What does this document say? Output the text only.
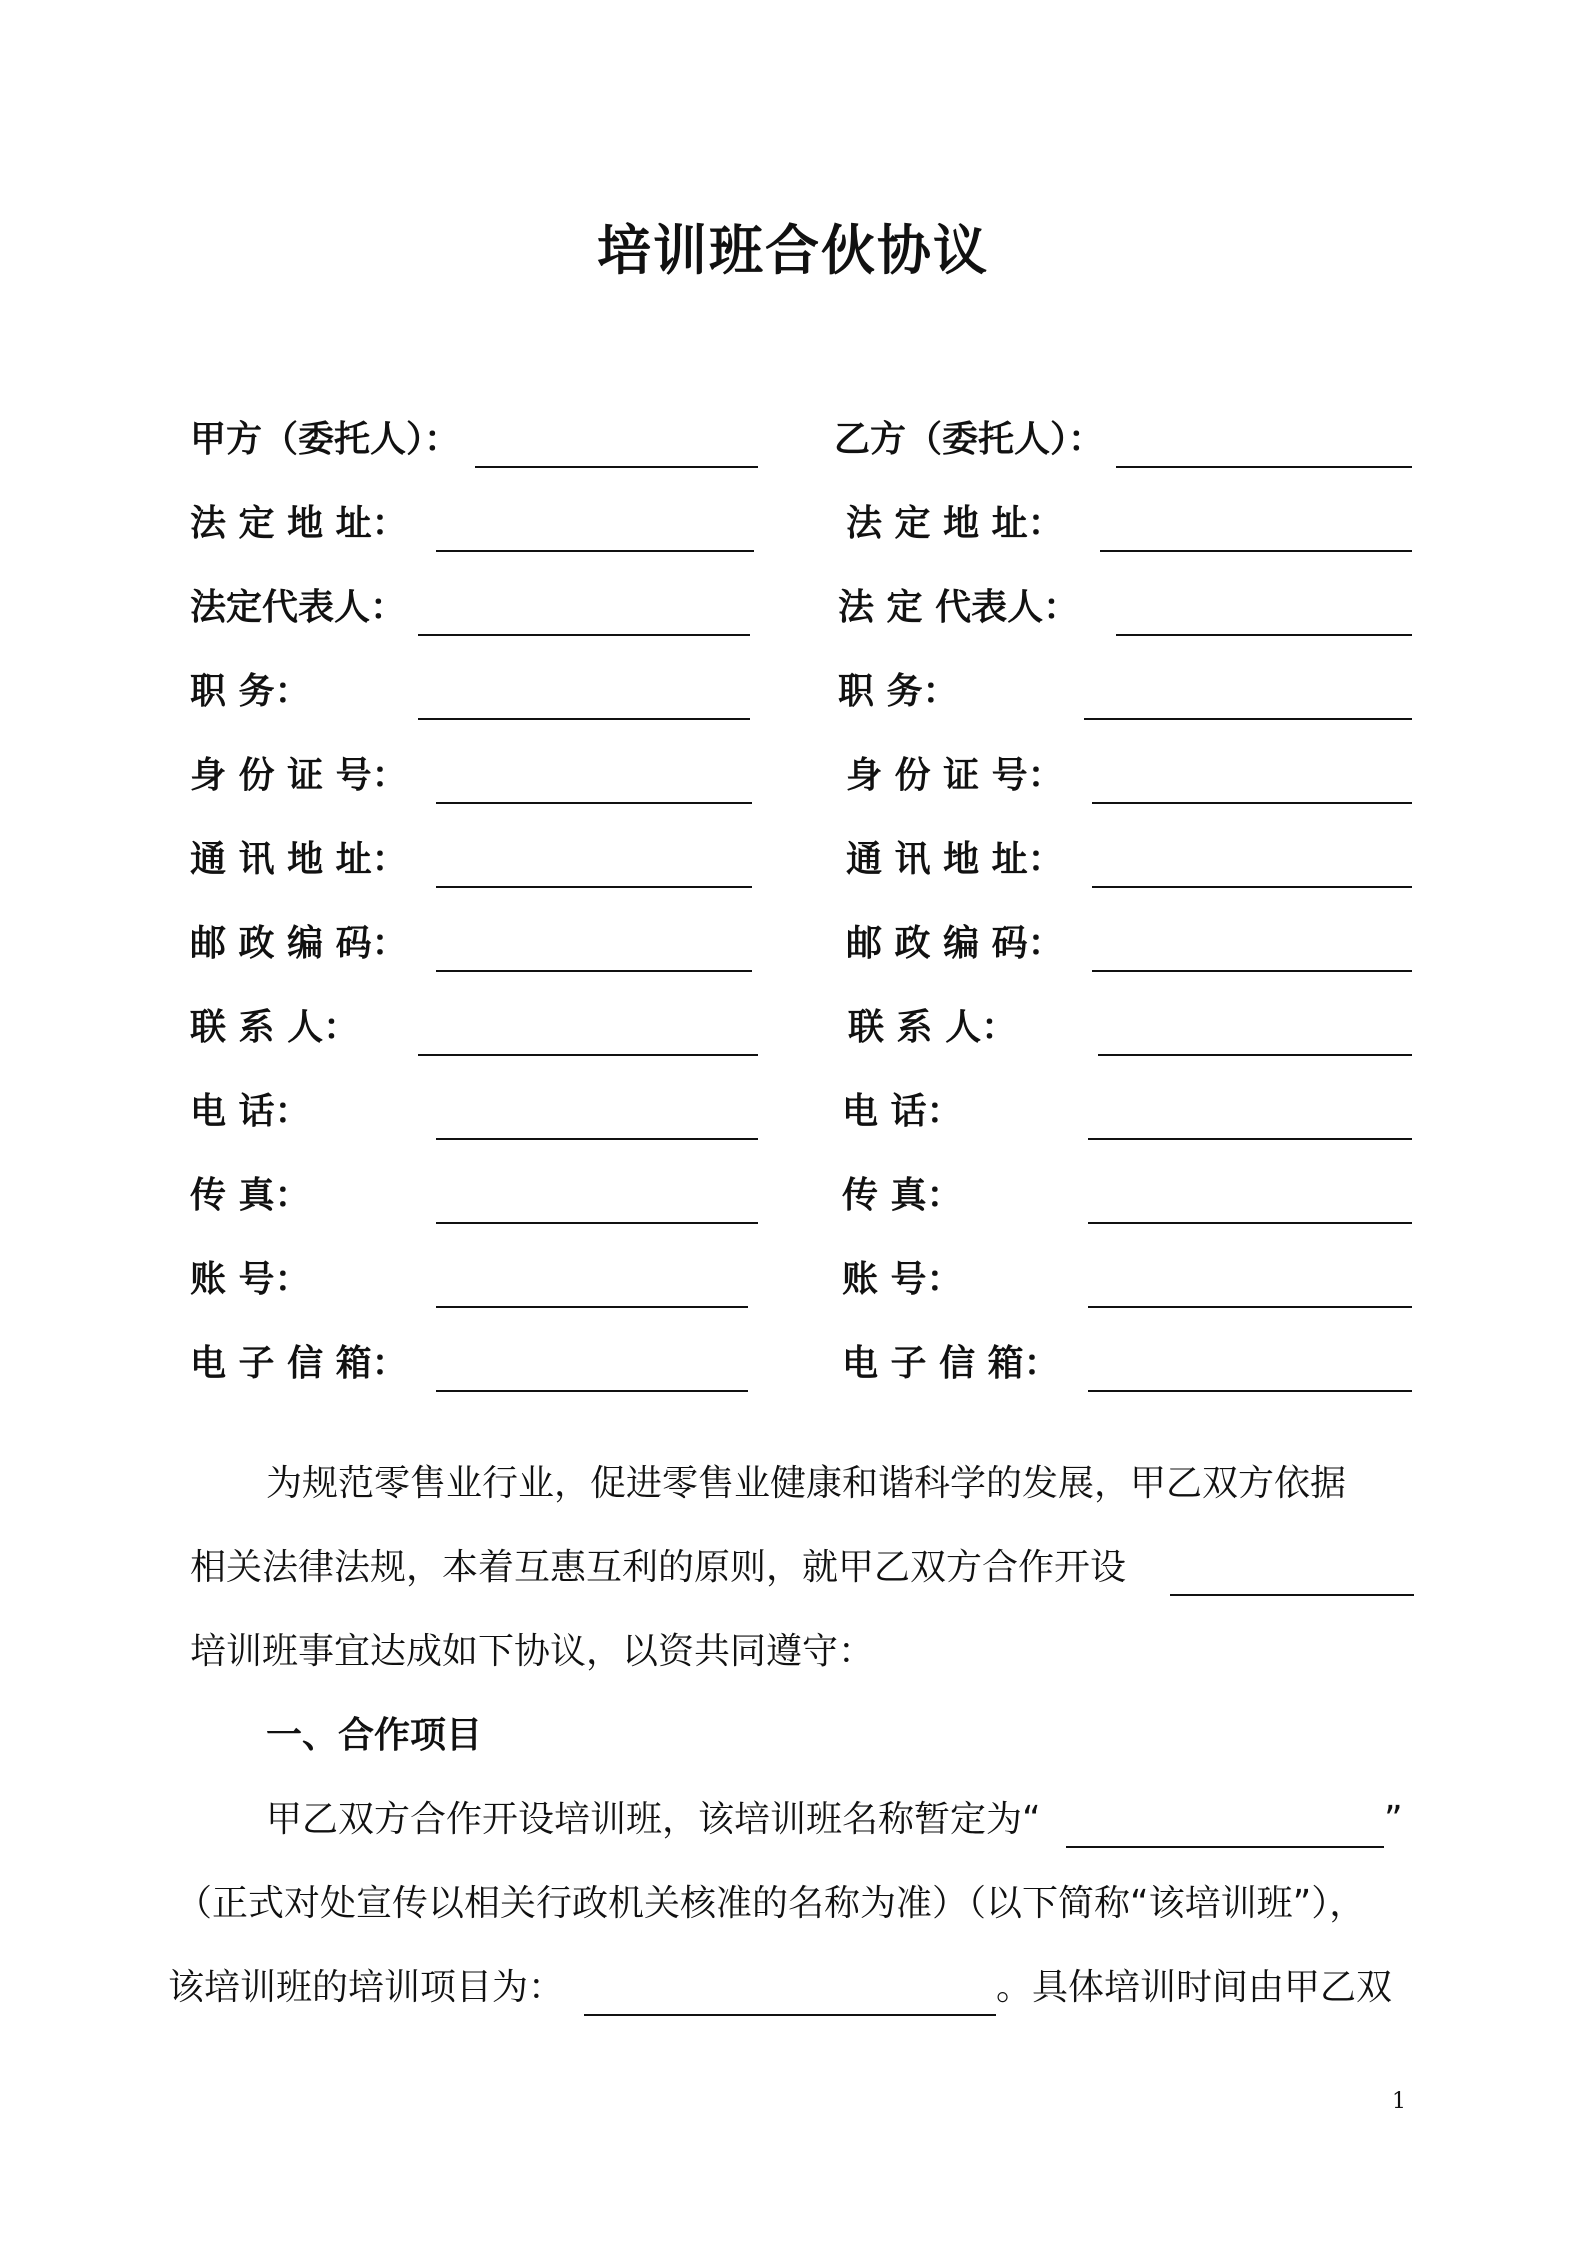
培训班合伙协议
甲方（委托人）：
法 定 地 址：
法定代表人：
职 务：
身 份 证 号：
通 讯 地 址：
邮 政 编 码：
联 系 人：
电 话：
传 真：
账 号：
电 子 信 箱：
乙方（委托人）：
法 定 地 址：
法 定 代表人：
职 务：
身 份 证 号：
通 讯 地 址：
邮 政 编 码：
联 系 人：
电 话：
传 真：
账 号：
电 子 信 箱：
为规范零售业行业，促进零售业健康和谐科学的发展，甲乙双方依据
相关法律法规，本着互惠互利的原则，就甲乙双方合作开设
培训班事宜达成如下协议，以资共同遵守：
一、合作项目
甲乙双方合作开设培训班，该培训班名称暂定为“	”
（正式对处宣传以相关行政机关核准的名称为准）（以下简称“该培训班”），
该培训班的培训项目为：	。具体培训时间由甲乙双
1
